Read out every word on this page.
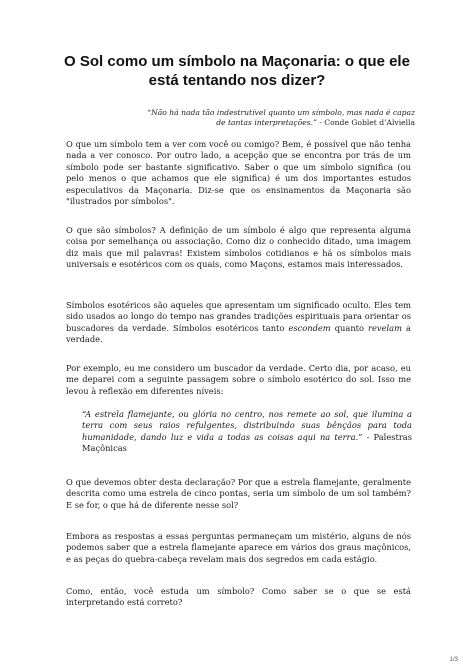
O Sol como um símbolo na Maçonaria: o que ele está tentando nos dizer?

“Não há nada tão indestrutível quanto um símbolo, mas nada é capaz de tantas interpretações.” - Conde Goblet d’Alviella

O que um símbolo tem a ver com você ou comigo? Bem, é possível que não tenha nada a ver conosco. Por outro lado, a acepção que se encontra por trás de um símbolo pode ser bastante significativo. Saber o que um símbolo significa (ou pelo menos o que achamos que ele significa) é um dos importantes estudos especulativos da Maçonaria. Diz-se que os ensinamentos da Maçonaria são "ilustrados por símbolos".

O que são símbolos? A definição de um símbolo é algo que representa alguma coisa por semelhança ou associação. Como diz o conhecido ditado, uma imagem diz mais que mil palavras! Existem símbolos cotidianos e há os símbolos mais universais e esotéricos com os quais, como Maçons, estamos mais interessados.

Símbolos esotéricos são aqueles que apresentam um significado oculto. Eles tem sido usados ao longo do tempo nas grandes tradições espirituais para orientar os buscadores da verdade. Símbolos esotéricos tanto escondem quanto revelam a verdade.

Por exemplo, eu me considero um buscador da verdade. Certo dia, por acaso, eu me deparei com a seguinte passagem sobre o símbolo esotérico do sol. Isso me levou à reflexão em diferentes níveis:

“A estrela flamejante, ou glória no centro, nos remete ao sol, que ilumina a terra com seus raios refulgentes, distribuindo suas bênçãos para toda humanidade, dando luz e vida a todas as coisas aqui na terra.” - Palestras Maçônicas

O que devemos obter desta declaração? Por que a estrela flamejante, geralmente descrita como uma estrela de cinco pontas, seria um símbolo de um sol também? E se for, o que há de diferente nesse sol?

Embora as respostas a essas perguntas permaneçam um mistério, alguns de nós podemos saber que a estrela flamejante aparece em vários dos graus maçônicos, e as peças do quebra-cabeça revelam mais dos segredos em cada estágio.

Como, então, você estuda um símbolo? Como saber se o que se está interpretando está correto?

1/3
